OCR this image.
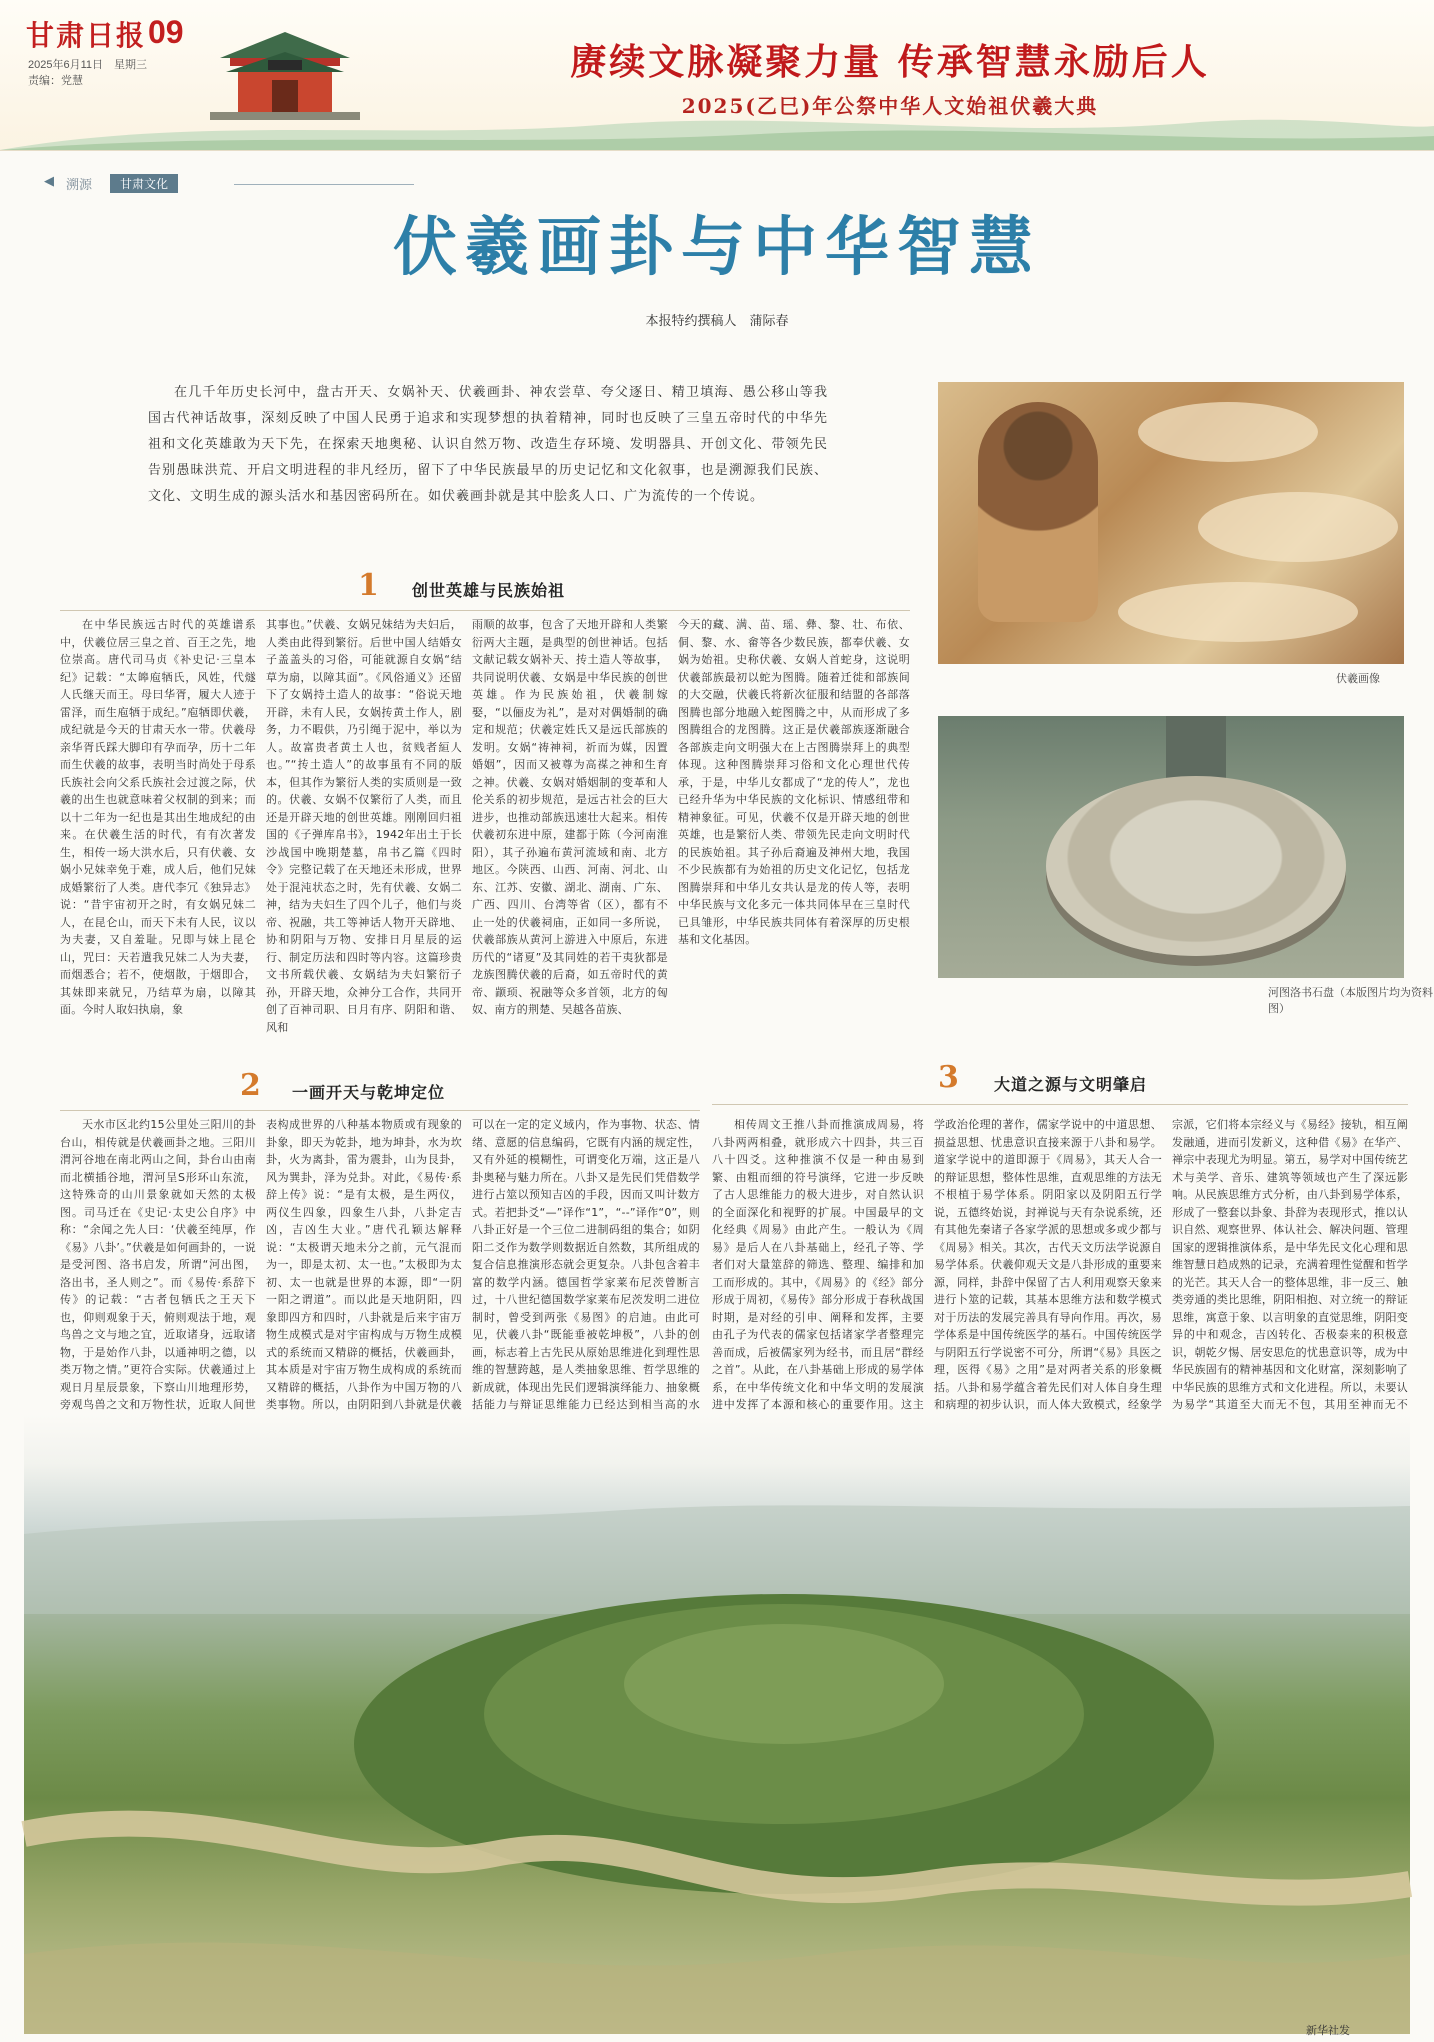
甘肃日报 09
2025年6月11日　星期三
责编：党慧	赓续文脉凝聚力量 传承智慧永励后人
2025(乙巳)年公祭中华人文始祖伏羲大典
◀ 溯源	甘肃文化
伏羲画卦与中华智慧
本报特约撰稿人　蒲际春
在几千年历史长河中，盘古开天、女娲补天、伏羲画卦、神农尝草、夸父逐日、精卫填海、愚公移山等我国古代神话故事，深刻反映了中国人民勇于追求和实现梦想的执着精神，同时也反映了三皇五帝时代的中华先祖和文化英雄敢为天下先，在探索天地奥秘、认识自然万物、改造生存环境、发明器具、开创文化、带领先民告别愚昧洪荒、开启文明进程的非凡经历，留下了中华民族最早的历史记忆和文化叙事，也是溯源我们民族、文化、文明生成的源头活水和基因密码所在。如伏羲画卦就是其中脍炙人口、广为流传的一个传说。
伏羲画像
河图洛书石盘（本版图片均为资料图）
1 创世英雄与民族始祖

在中华民族远古时代的英雄谱系中，伏羲位居三皇之首、百王之先，地位崇高。唐代司马贞《补史记·三皇本纪》记载：“太皞庖牺氏，风姓，代燧人氏继天而王。母曰华胥，履大人迹于雷泽，而生庖牺于成纪。”庖牺即伏羲，成纪就是今天的甘肃天水一带。伏羲母亲华胥氏踩大脚印有孕而孕，历十二年而生伏羲的故事，表明当时尚处于母系氏族社会向父系氏族社会过渡之际，伏羲的出生也就意味着父权制的到来；而以十二年为一纪也是其出生地成纪的由来。在伏羲生活的时代，有有次著发生，相传一场大洪水后，只有伏羲、女娲小兄妹幸免于难，成人后，他们兄妹成婚繁衍了人类。唐代李冗《独异志》说：“昔宇宙初开之时，有女娲兄妹二人，在昆仑山，而天下未有人民，议以为夫妻，又自羞耻。兄即与妹上昆仑山，咒曰：天若遣我兄妹二人为夫妻，而烟悉合；若不，使烟散，于烟即合，其妹即来就兄，乃结草为扇，以障其面。今时人取妇执扇，象

其事也。”伏羲、女娲兄妹结为夫妇后，人类由此得到繁衍。后世中国人结婚女子盖盖头的习俗，可能就源自女娲“结草为扇，以障其面”。《风俗通义》还留下了女娲持土造人的故事：“俗说天地开辟，未有人民，女娲抟黄土作人，剧务，力不暇供，乃引绳于泥中，举以为人。故富贵者黄土人也，贫贱者絙人也。”“抟土造人”的故事虽有不同的版本，但其作为繁衍人类的实质则是一致的。伏羲、女娲不仅繁衍了人类，而且还是开辟天地的创世英雄。刚刚回归祖国的《子弹库帛书》，1942年出土于长沙战国中晚期楚墓，帛书乙篇《四时令》完整记载了在天地还未形成，世界处于混沌状态之时，先有伏羲、女娲二神，结为夫妇生了四个儿子，他们与炎帝、祝融，共工等神话人物开天辟地、协和阴阳与万物、安排日月星辰的运行、制定历法和四时等内容。这篇珍贵文书所载伏羲、女娲结为夫妇繁衍子孙，开辟天地，众神分工合作，共同开创了百神司职、日月有序、阴阳和谐、风和

雨顺的故事，包含了天地开辟和人类繁衍两大主题，是典型的创世神话。包括文献记载女娲补天、抟土造人等故事，共同说明伏羲、女娲是中华民族的创世英雄。作为民族始祖，伏羲制嫁娶，“以俪皮为礼”，是对对偶婚制的确定和规范；伏羲定姓氏又是远氏部族的发明。女娲“祷神祠，祈而为媒，因置婚姻”，因而又被尊为高禖之神和生育之神。伏羲、女娲对婚姻制的变革和人伦关系的初步规范，是远古社会的巨大进步，也推动部族迅速壮大起来。相传伏羲初东进中原，建都于陈（今河南淮阳），其子孙遍布黄河流域和南、北方地区。今陕西、山西、河南、河北、山东、江苏、安徽、湖北、湖南、广东、广西、四川、台湾等省（区），都有不止一处的伏羲祠庙，正如同一多所说，伏羲部族从黄河上游进入中原后，东进历代的“诸夏”及其同姓的若干夷狄都是龙族图腾伏羲的后裔，如五帝时代的黄帝、颛顼、祝融等众多首领，北方的匈奴、南方的荆楚、吴越各苗族、

今天的藏、满、苗、瑶、彝、黎、壮、布依、侗、黎、水、畲等各少数民族，都奉伏羲、女娲为始祖。史称伏羲、女娲人首蛇身，这说明伏羲部族最初以蛇为图腾。随着迁徙和部族间的大交融，伏羲氏将新次征服和结盟的各部落图腾也部分地融入蛇图腾之中，从而形成了多图腾组合的龙图腾。这正是伏羲部族逐渐融合各部族走向文明强大在上古图腾崇拜上的典型体现。这种图腾崇拜习俗和文化心理世代传承，于是，中华儿女都成了“龙的传人”，龙也已经升华为中华民族的文化标识、情感纽带和精神象征。可见，伏羲不仅是开辟天地的创世英雄，也是繁衍人类、带领先民走向文明时代的民族始祖。其子孙后裔遍及神州大地，我国不少民族都有为始祖的历史文化记忆，包括龙图腾崇拜和中华儿女共认是龙的传人等，表明中华民族与文化多元一体共同体早在三皇时代已具雏形，中华民族共同体有着深厚的历史根基和文化基因。

2 一画开天与乾坤定位

天水市区北约15公里处三阳川的卦台山，相传就是伏羲画卦之地。三阳川渭河谷地在南北两山之间，卦台山由南而北横插谷地，渭河呈S形环山东流，这特殊奇的山川景象就如天然的太极图。司马迁在《史记·太史公自序》中称：“余闻之先人曰：‘伏羲至纯厚，作《易》八卦’。”伏羲是如何画卦的，一说是受河图、洛书启发，所谓“河出图，洛出书，圣人则之”。而《易传·系辞下传》的记载：“古者包牺氏之王天下也，仰则观象于天，俯则观法于地，观鸟兽之文与地之宜，近取诸身，远取诸物，于是始作八卦，以通神明之德，以类万物之情。”更符合实际。伏羲通过上观日月星辰景象，下察山川地理形势，旁观鸟兽之文和万物性状，近取人间世

表构成世界的八种基本物质或有现象的卦象，即天为乾卦，地为坤卦，水为坎卦，火为离卦，雷为震卦，山为艮卦，风为巽卦，泽为兑卦。对此，《易传·系辞上传》说：“是有太极，是生两仪，两仪生四象，四象生八卦，八卦定吉凶，吉凶生大业。”唐代孔颖达解释说：“太极谓天地未分之前，元气混而为一，即是太初、太一也。”太极即为太初、太一也就是世界的本源，即“一阴一阳之谓道”。而以此是天地阴阳，四象即四方和四时，八卦就是后来宇宙万物生成模式是对宇宙构成与万物生成模式的系统而又精辟的概括，伏羲画卦，其本质是对宇宙万物生成构成的系统而又精辟的概括，八卦作为中国万物的八类事物。所以，由阴阳到八卦就是伏羲

可以在一定的定义域内，作为事物、状态、情绪、意愿的信息编码，它既有内涵的规定性，又有外延的模糊性，可谓变化万端，这正是八卦奥秘与魅力所在。八卦又是先民们凭借数学进行占筮以预知吉凶的手段，因而又叫计数方式。若把卦爻“—”译作“1”，“--”译作“0”，则八卦正好是一个三位二进制码组的集合；如阴阳二爻作为数学则数据近自然数，其所组成的复合信息推演形态就会更复杂。八卦包含着丰富的数学内涵。德国哲学家莱布尼茨曾断言过，十八世纪德国数学家莱布尼茨发明二进位制时，曾受到两张《易图》的启迪。由此可见，伏羲八卦“既能垂被乾坤极”，八卦的创画，标志着上古先民从原始思维进化到理性思维的智慧跨越，是人类抽象思维、哲学思维的新成就，体现出先民们逻辑演绎能力、抽象概括能力与辩证思维能力已经达到相当高的水

3 大道之源与文明肇启

相传周文王推八卦而推演成周易，将八卦两两相叠，就形成六十四卦，共三百八十四爻。这种推演不仅是一种由易到繁、由粗而细的符号演绎，它进一步反映了古人思维能力的极大进步，对自然认识的全面深化和视野的扩展。中国最早的文化经典《周易》由此产生。一般认为《周易》是后人在八卦基础上，经孔子等、学者们对大量筮辞的筛选、整理、编排和加工而形成的。其中，《周易》的《经》部分形成于周初，《易传》部分形成于春秋战国时期，是对经的引申、阐释和发挥，主要由孔子为代表的儒家包括诸家学者整理完善而成，后被儒家列为经书，而且居“群经之首”。从此，在八卦基础上形成的易学体系，在中华传统文化和中华文明的发展演进中发挥了本源和核心的重要作用。这主

学政治伦理的著作，儒家学说中的中道思想、损益思想、忧患意识直接来源于八卦和易学。道家学说中的道即源于《周易》，其天人合一的辩证思想，整体性思维，直观思维的方法无不根植于易学体系。阴阳家以及阴阳五行学说，五德终始说，封禅说与天有杂说系统，还有其他先秦诸子各家学派的思想或多或少都与《周易》相关。其次，古代天文历法学说源自易学体系。伏羲仰观天文是八卦形成的重要来源，同样，卦辞中保留了古人利用观察天象来进行卜筮的记载，其基本思维方法和数学模式对于历法的发展完善具有导向作用。再次，易学体系是中国传统医学的基石。中国传统医学与阴阳五行学说密不可分，所谓“《易》具医之理，医得《易》之用”是对两者关系的形象概括。八卦和易学蕴含着先民们对人体自身生理和病理的初步认识，而人体大致模式，经象学

宗派，它们将本宗经义与《易经》接轨，相互阐发融通，进而引发新义，这种借《易》在华产、禅宗中表现尤为明显。第五，易学对中国传统艺术与美学、音乐、建筑等领域也产生了深远影响。从民族思维方式分析，由八卦到易学体系，形成了一整套以卦象、卦辞为表现形式，推以认识自然、观察世界、体认社会、解决问题、管理国家的逻辑推演体系，是中华先民文化心理和思维智慧日趋成熟的记录，充满着理性觉醒和哲学的光芒。其天人合一的整体思维，非一反三、触类旁通的类比思维，阴阳相抱、对立统一的辩证思维，寓意于象、以言明象的直觉思维，阴阳变异的中和观念，吉凶转化、否极泰来的积极意识，朝乾夕惕、居安思危的忧患意识等，成为中华民族固有的精神基因和文化财富，深刻影响了中华民族的思维方式和文化进程。所以，未要认为易学“其道至大而无不包，其用至神而无不

新华社发
